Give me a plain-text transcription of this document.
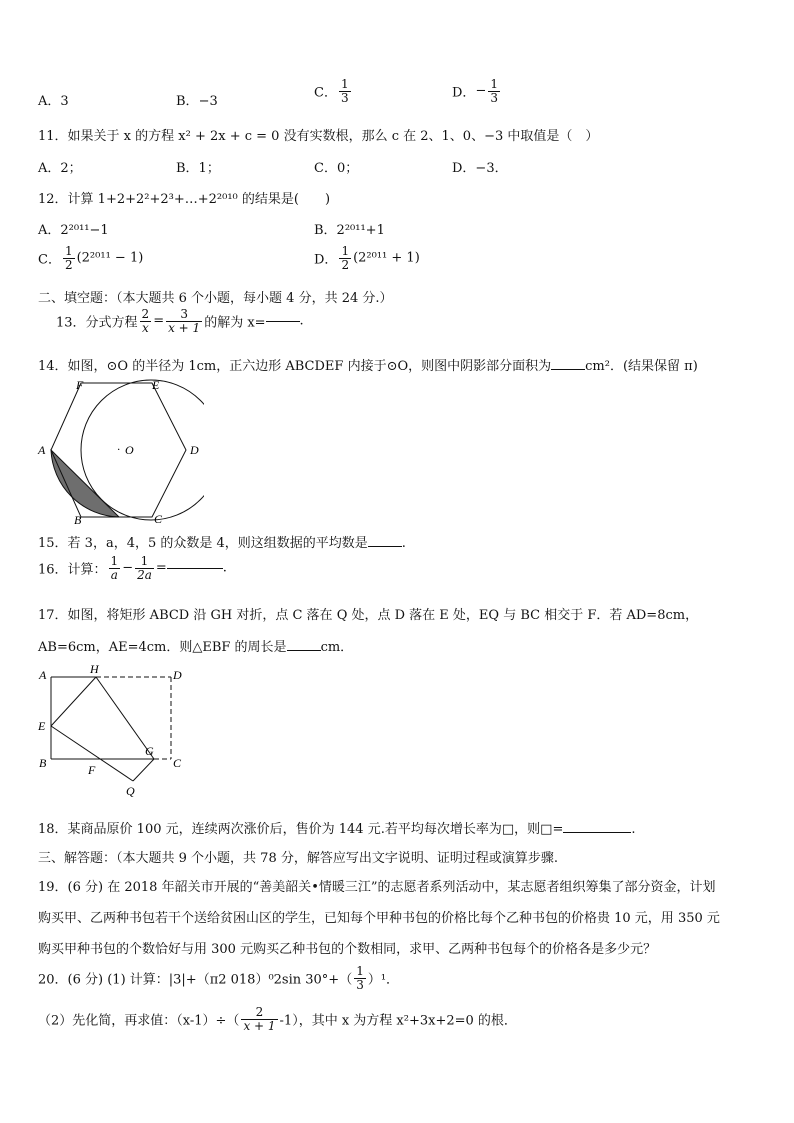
A．3	B．−3
C． $\frac{1}{3}$	D．− $\frac{1}{3}$
11．如果关于 x 的方程 x² + 2x + c = 0 没有实数根，那么 c 在 2、1、0、−3 中取值是（　）
A．2；	B．1；	C．0；	D．−3．
12．计算 1+2+2²+2³+…+2²⁰¹⁰ 的结果是(　　)
A．2²⁰¹¹−1	B．2²⁰¹¹+1
C． $\frac{1}{2} (2^{2011} - 1)$	D． $\frac{1}{2} (2^{2011} + 1)$
二、填空题：（本大题共 6 个小题，每小题 4 分，共 24 分.）
13．分式方程 $\frac{2}{x} = \frac{3}{x + 1}$ 的解为 x=	.
14．如图，⊙O 的半径为 1cm，正六边形 ABCDEF 内接于⊙O，则图中阴影部分面积为	cm²．(结果保留 π)
A
B	C
D
E
F
· O
15．若 3，a，4，5 的众数是 4，则这组数据的平均数是	.
16．计算： $\frac{1}{a} - \frac{1}{2a}$ =	.
17．如图，将矩形 ABCD 沿 GH 对折，点 C 落在 Q 处，点 D 落在 E 处，EQ 与 BC 相交于 F．若 AD=8cm，
AB=6cm，AE=4cm．则△EBF 的周长是	cm．
A
B	C
D
E
F
G
H
Q
18．某商品原价 100 元，连续两次涨价后，售价为 144 元.若平均每次增长率为□，则□=	.
三、解答题：（本大题共 9 个小题，共 78 分，解答应写出文字说明、证明过程或演算步骤.
19．(6 分) 在 2018 年韶关市开展的“善美韶关•情暖三江”的志愿者系列活动中，某志愿者组织筹集了部分资金，计划
购买甲、乙两种书包若干个送给贫困山区的学生，已知每个甲种书包的价格比每个乙种书包的价格贵 10 元，用 350 元
购买甲种书包的个数恰好与用 300 元购买乙种书包的个数相同，求甲、乙两种书包每个的价格各是多少元？
20．(6 分) (1) 计算：|3|+（π2 018）⁰2sin $30^\circ+( \frac{1}{3} )^1$．
（2）先化简，再求值：$(x-1)\div( \frac{2}{x + 1} -1)$，其中 x 为方程 x²+3x+2=0 的根．
